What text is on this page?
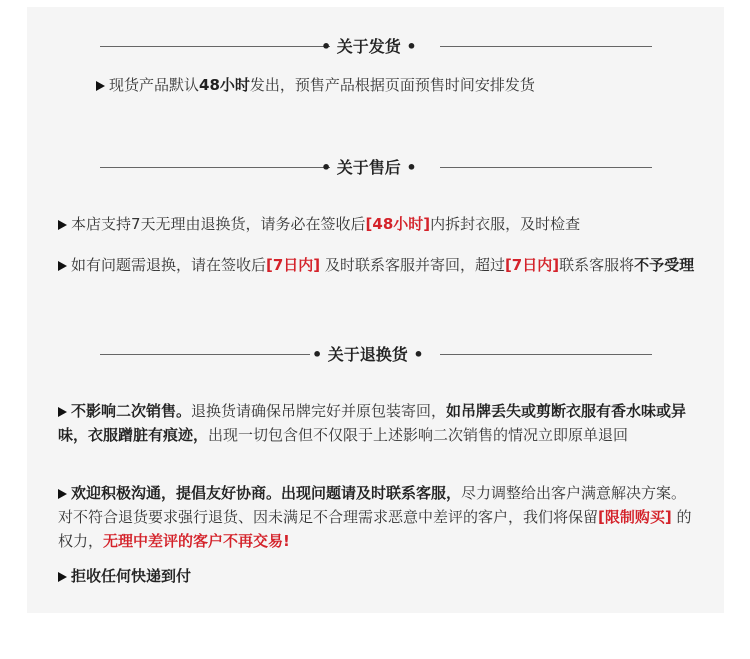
• 关于发货 •
现货产品默认48小时发出，预售产品根据页面预售时间安排发货
• 关于售后 •
本店支持7天无理由退换货，请务必在签收后[48小时]内拆封衣服，及时检查
如有问题需退换，请在签收后[7日内] 及时联系客服并寄回，超过[7日内]联系客服将不予受理
• 关于退换货 •
不影响二次销售。退换货请确保吊牌完好并原包装寄回，如吊牌丢失或剪断衣服有香水味或异味，衣服蹭脏有痕迹，出现一切包含但不仅限于上述影响二次销售的情况立即原单退回
欢迎积极沟通，提倡友好协商。出现问题请及时联系客服，尽力调整给出客户满意解决方案。对不符合退货要求强行退货、因未满足不合理需求恶意中差评的客户，我们将保留[限制购买] 的权力，无理中差评的客户不再交易!
拒收任何快递到付
